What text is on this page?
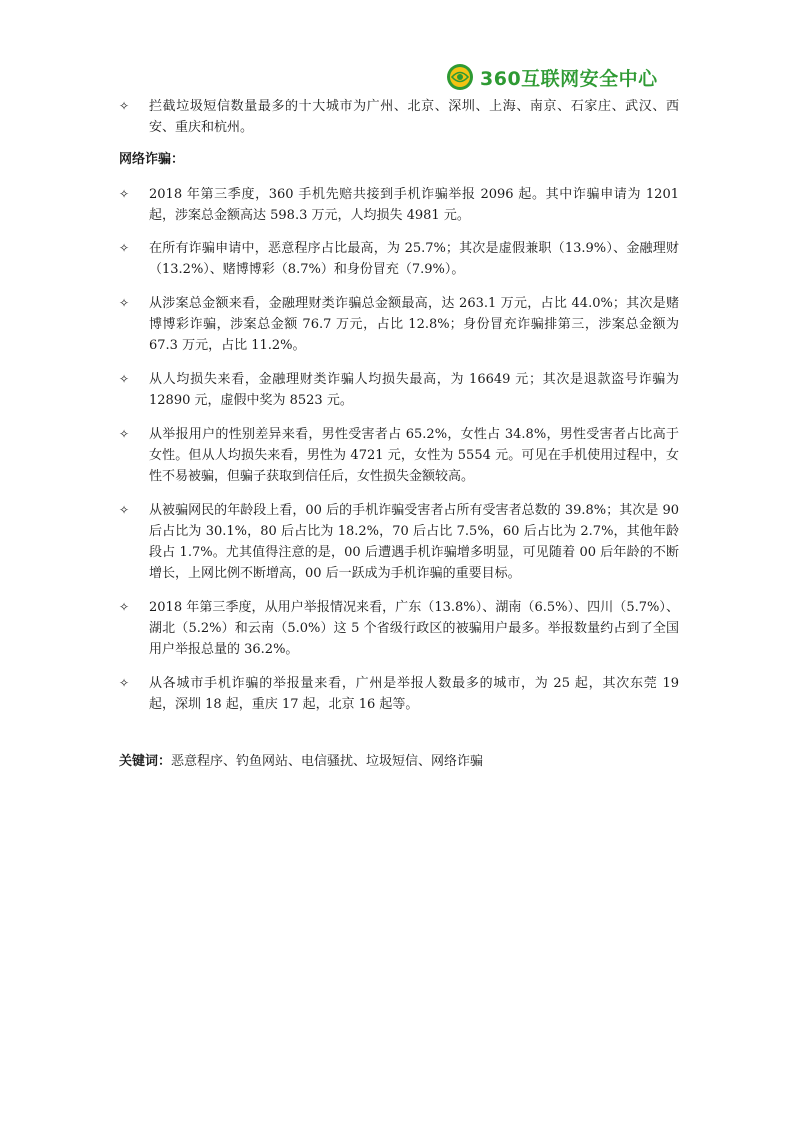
360互联网安全中心
✧ 拦截垃圾短信数量最多的十大城市为广州、北京、深圳、上海、南京、石家庄、武汉、西安、重庆和杭州。
网络诈骗：
✧ 2018 年第三季度，360 手机先赔共接到手机诈骗举报 2096 起。其中诈骗申请为 1201 起，涉案总金额高达 598.3 万元，人均损失 4981 元。
✧ 在所有诈骗申请中，恶意程序占比最高，为 25.7%；其次是虚假兼职（13.9%）、金融理财（13.2%）、赌博博彩（8.7%）和身份冒充（7.9%）。
✧ 从涉案总金额来看，金融理财类诈骗总金额最高，达 263.1 万元，占比 44.0%；其次是赌博博彩诈骗，涉案总金额 76.7 万元，占比 12.8%；身份冒充诈骗排第三，涉案总金额为 67.3 万元，占比 11.2%。
✧ 从人均损失来看，金融理财类诈骗人均损失最高，为 16649 元；其次是退款盗号诈骗为 12890 元，虚假中奖为 8523 元。
✧ 从举报用户的性别差异来看，男性受害者占 65.2%，女性占 34.8%，男性受害者占比高于女性。但从人均损失来看，男性为 4721 元，女性为 5554 元。可见在手机使用过程中，女性不易被骗，但骗子获取到信任后，女性损失金额较高。
✧ 从被骗网民的年龄段上看，00 后的手机诈骗受害者占所有受害者总数的 39.8%；其次是 90 后占比为 30.1%，80 后占比为 18.2%，70 后占比 7.5%，60 后占比为 2.7%，其他年龄段占 1.7%。尤其值得注意的是，00 后遭遇手机诈骗增多明显，可见随着 00 后年龄的不断增长，上网比例不断增高，00 后一跃成为手机诈骗的重要目标。
✧ 2018 年第三季度，从用户举报情况来看，广东（13.8%）、湖南（6.5%）、四川（5.7%）、湖北（5.2%）和云南（5.0%）这 5 个省级行政区的被骗用户最多。举报数量约占到了全国用户举报总量的 36.2%。
✧ 从各城市手机诈骗的举报量来看，广州是举报人数最多的城市，为 25 起，其次东莞 19 起，深圳 18 起，重庆 17 起，北京 16 起等。
关键词：恶意程序、钓鱼网站、电信骚扰、垃圾短信、网络诈骗
